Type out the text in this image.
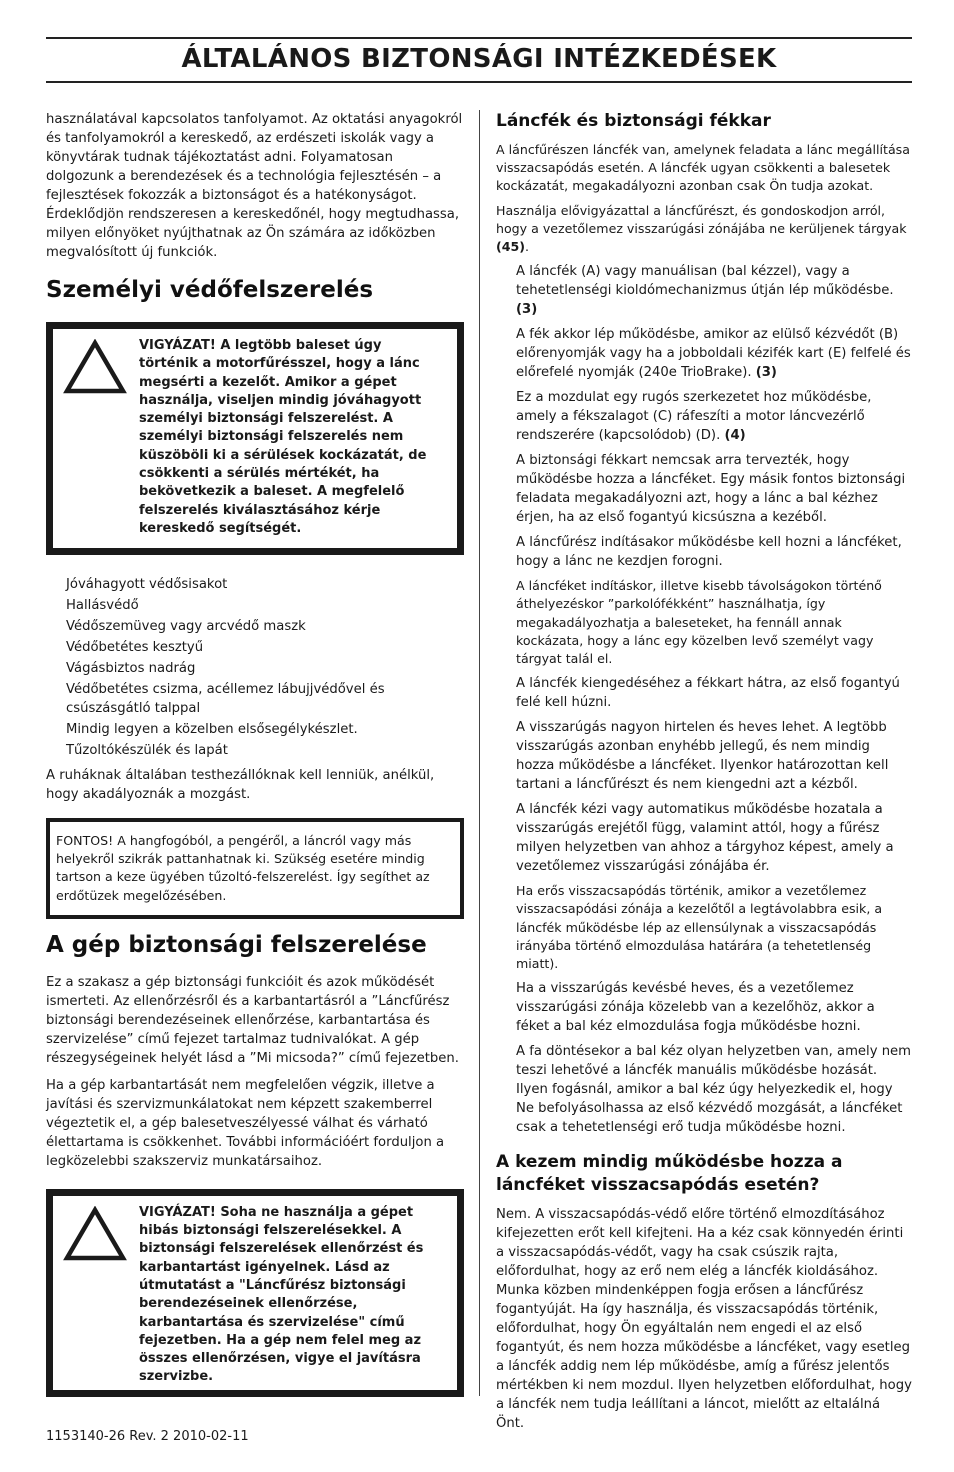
ÁLTALÁNOS BIZTONSÁGI INTÉZKEDÉSEK

használatával kapcsolatos tanfolyamot. Az oktatási anyagokról és tanfolyamokról a kereskedő, az erdészeti iskolák vagy a könyvtárak tudnak tájékoztatást adni. Folyamatosan dolgozunk a berendezések és a technológia fejlesztésén – a fejlesztések fokozzák a biztonságot és a hatékonyságot. Érdeklődjön rendszeresen a kereskedőnél, hogy megtudhassa, milyen előnyöket nyújthatnak az Ön számára az időközben megvalósított új funkciók.

Személyi védőfelszerelés

VIGYÁZAT! A legtöbb baleset úgy történik a motorfűrésszel, hogy a lánc megsérti a kezelőt. Amikor a gépet használja, viseljen mindig jóváhagyott személyi biztonsági felszerelést. A személyi biztonsági felszerelés nem küszöböli ki a sérülések kockázatát, de csökkenti a sérülés mértékét, ha bekövetkezik a baleset. A megfelelő felszerelés kiválasztásához kérje kereskedő segítségét.

Jóváhagyott védősisakot
Hallásvédő
Védőszemüveg vagy arcvédő maszk
Védőbetétes kesztyű
Vágásbiztos nadrág
Védőbetétes csizma, acéllemez lábujjvédővel és csúszásgátló talppal
Mindig legyen a közelben elsősegélykészlet.
Tűzoltókészülék és lapát

A ruháknak általában testhezállóknak kell lenniük, anélkül, hogy akadályoznák a mozgást.

FONTOS! A hangfogóból, a pengéről, a láncról vagy más helyekről szikrák pattanhatnak ki. Szükség esetére mindig tartson a keze ügyében tűzoltó-felszerelést. Így segíthet az erdőtüzek megelőzésében.

A gép biztonsági felszerelése

Ez a szakasz a gép biztonsági funkcióit és azok működését ismerteti. Az ellenőrzésről és a karbantartásról a ”Láncfűrész biztonsági berendezéseinek ellenőrzése, karbantartása és szervizelése” című fejezet tartalmaz tudnivalókat. A gép részegységeinek helyét lásd a ”Mi micsoda?” című fejezetben.

Ha a gép karbantartását nem megfelelően végzik, illetve a javítási és szervizmunkálatokat nem képzett szakemberrel végeztetik el, a gép balesetveszélyessé válhat és várható élettartama is csökkenhet. További információért forduljon a legközelebbi szakszerviz munkatársaihoz.

VIGYÁZAT! Soha ne használja a gépet hibás biztonsági felszerelésekkel. A biztonsági felszerelések ellenőrzést és karbantartást igényelnek. Lásd az útmutatást a "Láncfűrész biztonsági berendezéseinek ellenőrzése, karbantartása és szervizelése" című fejezetben. Ha a gép nem felel meg az összes ellenőrzésen, vigye el javításra szervizbe.

Láncfék és biztonsági fékkar

A láncfűrészen láncfék van, amelynek feladata a lánc megállítása visszacsapódás esetén. A láncfék ugyan csökkenti a balesetek kockázatát, megakadályozni azonban csak Ön tudja azokat.

Használja elővigyázattal a láncfűrészt, és gondoskodjon arról, hogy a vezetőlemez visszarúgási zónájába ne kerüljenek tárgyak (45).

A láncfék (A) vagy manuálisan (bal kézzel), vagy a tehetetlenségi kioldómechanizmus útján lép működésbe.(3)

A fék akkor lép működésbe, amikor az elülső kézvédőt (B) előrenyomják vagy ha a jobboldali kézifék kart (E) felfelé és előrefelé nyomják (240e TrioBrake). (3)

Ez a mozdulat egy rugós szerkezetet hoz működésbe, amely a fékszalagot (C) ráfeszíti a motor láncvezérlő rendszerére (kapcsolódob) (D). (4)

A biztonsági fékkart nemcsak arra tervezték, hogy működésbe hozza a láncféket. Egy másik fontos biztonsági feladata megakadályozni azt, hogy a lánc a bal kézhez érjen, ha az első fogantyú kicsúszna a kezéből.

A láncfűrész indításakor működésbe kell hozni a láncféket, hogy a lánc ne kezdjen forogni.

A láncféket indításkor, illetve kisebb távolságokon történő áthelyezéskor ”parkolófékként” használhatja, így megakadályozhatja a baleseteket, ha fennáll annak kockázata, hogy a lánc egy közelben levő személyt vagy tárgyat talál el.

A láncfék kiengedéséhez a fékkart hátra, az első fogantyú felé kell húzni.

A visszarúgás nagyon hirtelen és heves lehet. A legtöbb visszarúgás azonban enyhébb jellegű, és nem mindig hozza működésbe a láncféket. Ilyenkor határozottan kell tartani a láncfűrészt és nem kiengedni azt a kézből.

A láncfék kézi vagy automatikus működésbe hozatala a visszarúgás erejétől függ, valamint attól, hogy a fűrész milyen helyzetben van ahhoz a tárgyhoz képest, amely a vezetőlemez visszarúgási zónájába ér.

Ha erős visszacsapódás történik, amikor a vezetőlemez visszacsapódási zónája a kezelőtől a legtávolabbra esik, a láncfék működésbe lép az ellensúlynak a visszacsapódás irányába történő elmozdulása határára (a tehetetlenség miatt).

Ha a visszarúgás kevésbé heves, és a vezetőlemez visszarúgási zónája közelebb van a kezelőhöz, akkor a féket a bal kéz elmozdulása fogja működésbe hozni.

A fa döntésekor a bal kéz olyan helyzetben van, amely nem teszi lehetővé a láncfék manuális működésbe hozását. Ilyen fogásnál, amikor a bal kéz úgy helyezkedik el, hogy Ne befolyásolhassa az első kézvédő mozgását, a láncféket csak a tehetetlenségi erő tudja működésbe hozni.

A kezem mindig működésbe hozza a láncféket visszacsapódás esetén?

Nem. A visszacsapódás-védő előre történő elmozdításához kifejezetten erőt kell kifejteni. Ha a kéz csak könnyedén érinti a visszacsapódás-védőt, vagy ha csak csúszik rajta, előfordulhat, hogy az erő nem elég a láncfék kioldásához. Munka közben mindenképpen fogja erősen a láncfűrész fogantyúját. Ha így használja, és visszacsapódás történik, előfordulhat, hogy Ön egyáltalán nem engedi el az első fogantyút, és nem hozza működésbe a láncféket, vagy esetleg a láncfék addig nem lép működésbe, amíg a fűrész jelentős mértékben ki nem mozdul. Ilyen helyzetben előfordulhat, hogy a láncfék nem tudja leállítani a láncot, mielőtt az eltalálná Önt.

1153140-26 Rev. 2 2010-02-11
